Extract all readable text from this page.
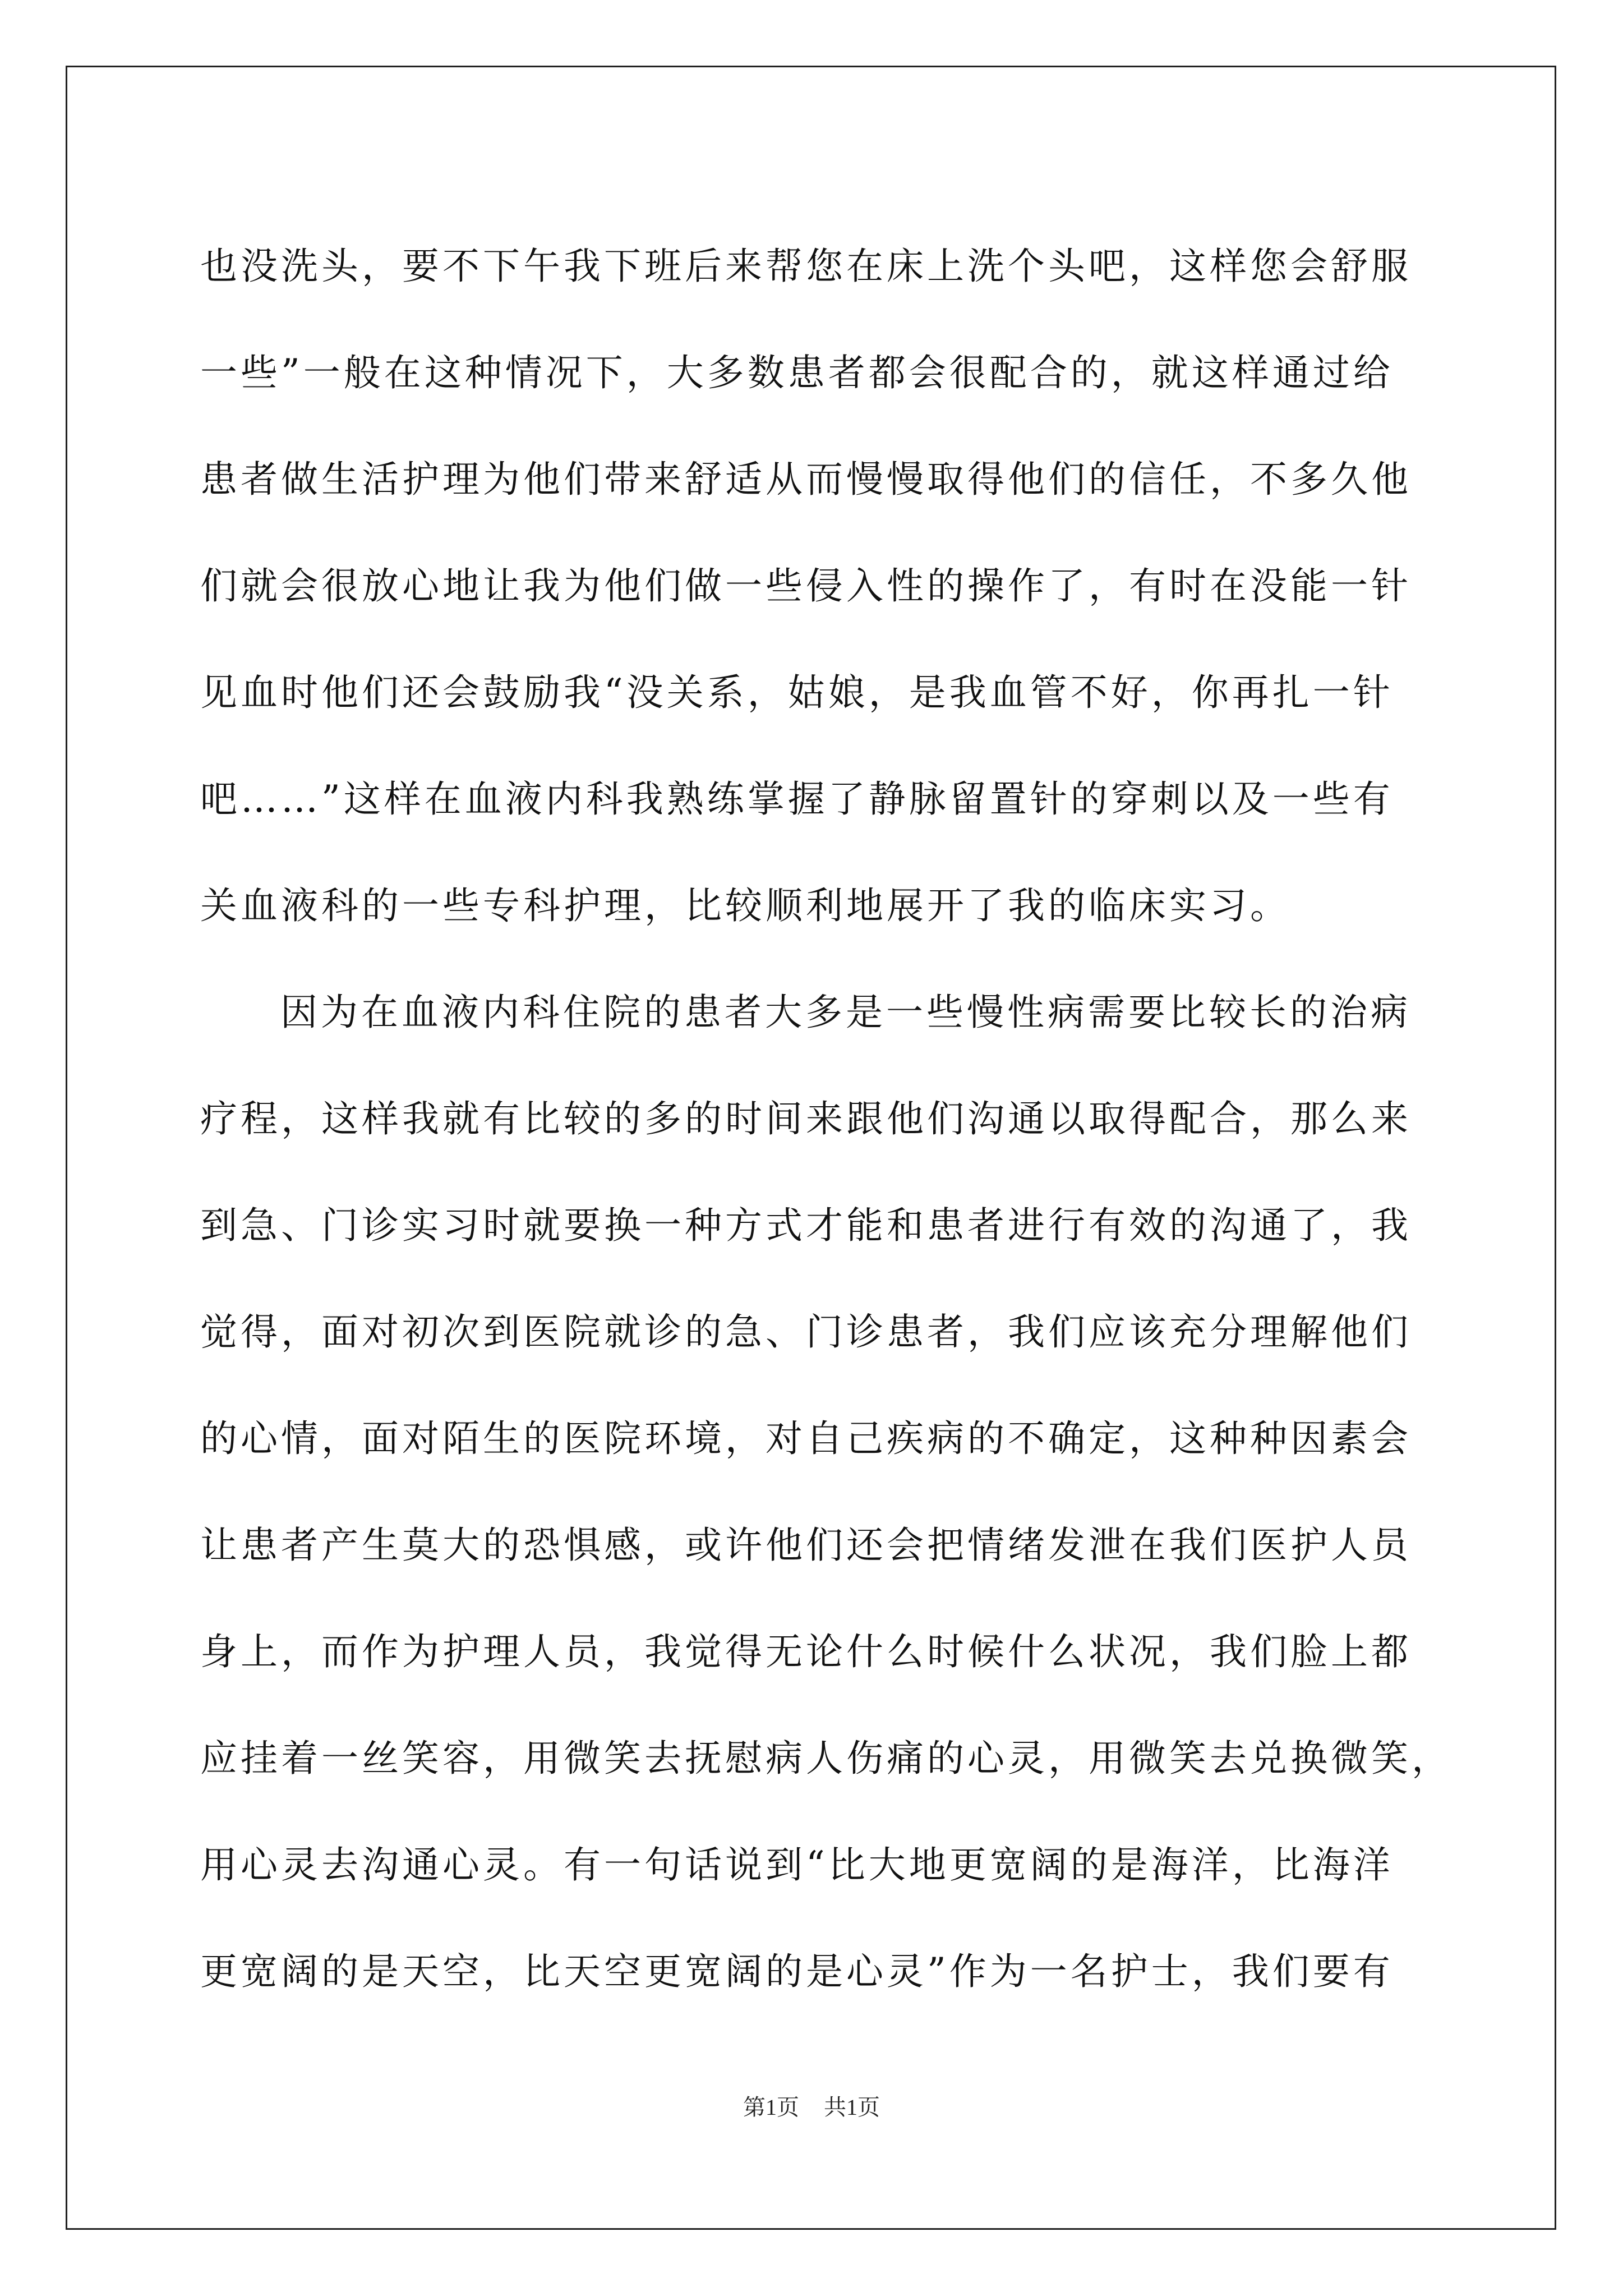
也没洗头，要不下午我下班后来帮您在床上洗个头吧，这样您会舒服
一些”一般在这种情况下，大多数患者都会很配合的，就这样通过给
患者做生活护理为他们带来舒适从而慢慢取得他们的信任，不多久他
们就会很放心地让我为他们做一些侵入性的操作了，有时在没能一针
见血时他们还会鼓励我“没关系，姑娘，是我血管不好，你再扎一针
吧……”这样在血液内科我熟练掌握了静脉留置针的穿刺以及一些有
关血液科的一些专科护理，比较顺利地展开了我的临床实习。
因为在血液内科住院的患者大多是一些慢性病需要比较长的治病
疗程，这样我就有比较的多的时间来跟他们沟通以取得配合，那么来
到急、门诊实习时就要换一种方式才能和患者进行有效的沟通了，我
觉得，面对初次到医院就诊的急、门诊患者，我们应该充分理解他们
的心情，面对陌生的医院环境，对自己疾病的不确定，这种种因素会
让患者产生莫大的恐惧感，或许他们还会把情绪发泄在我们医护人员
身上，而作为护理人员，我觉得无论什么时候什么状况，我们脸上都
应挂着一丝笑容，用微笑去抚慰病人伤痛的心灵，用微笑去兑换微笑，
用心灵去沟通心灵。有一句话说到“比大地更宽阔的是海洋，比海洋
更宽阔的是天空，比天空更宽阔的是心灵”作为一名护士，我们要有
第1页 共1页
